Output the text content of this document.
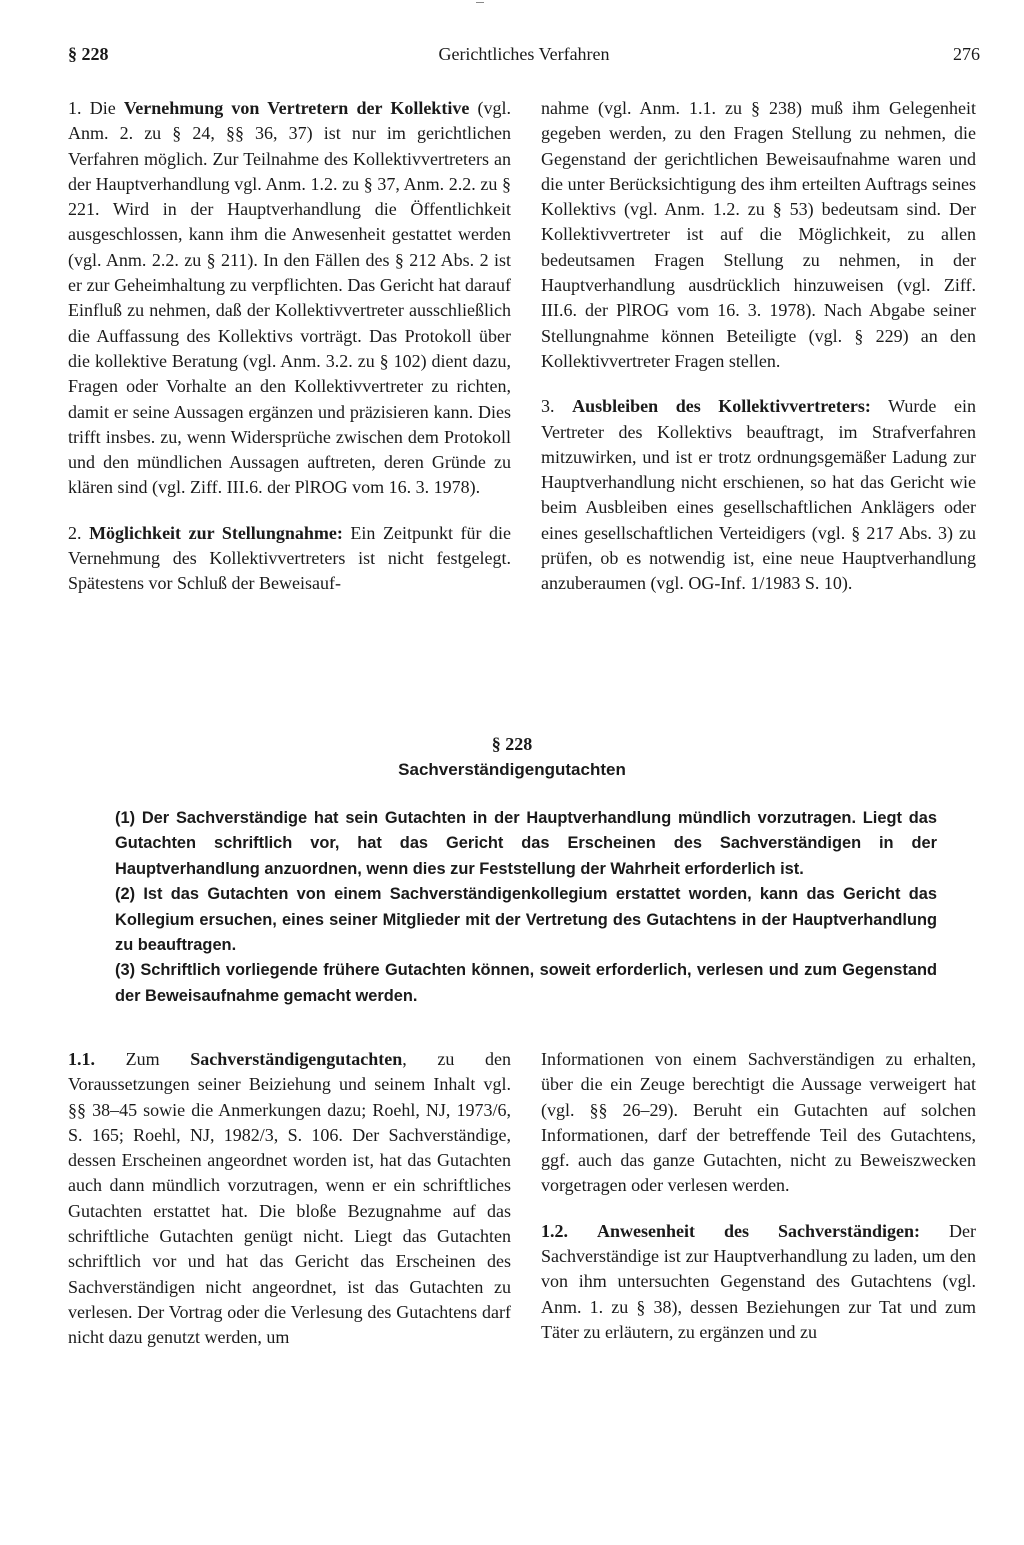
§ 228	Gerichtliches Verfahren	276

1. Die Vernehmung von Vertretern der Kollektive (vgl. Anm. 2. zu § 24, §§ 36, 37) ist nur im gerichtlichen Verfahren möglich. Zur Teilnahme des Kollektivvertreters an der Hauptverhandlung vgl. Anm. 1.2. zu § 37, Anm. 2.2. zu § 221. Wird in der Hauptverhandlung die Öffentlichkeit ausgeschlossen, kann ihm die Anwesenheit gestattet werden (vgl. Anm. 2.2. zu § 211). In den Fällen des § 212 Abs. 2 ist er zur Geheimhaltung zu verpflichten. Das Gericht hat darauf Einfluß zu nehmen, daß der Kollektivvertreter ausschließlich die Auffassung des Kollektivs vorträgt. Das Protokoll über die kollektive Beratung (vgl. Anm. 3.2. zu § 102) dient dazu, Fragen oder Vorhalte an den Kollektivvertreter zu richten, damit er seine Aussagen ergänzen und präzisieren kann. Dies trifft insbes. zu, wenn Widersprüche zwischen dem Protokoll und den mündlichen Aussagen auftreten, deren Gründe zu klären sind (vgl. Ziff. III.6. der PlROG vom 16. 3. 1978).

2. Möglichkeit zur Stellungnahme: Ein Zeitpunkt für die Vernehmung des Kollektivvertreters ist nicht festgelegt. Spätestens vor Schluß der Beweisauf-

nahme (vgl. Anm. 1.1. zu § 238) muß ihm Gelegenheit gegeben werden, zu den Fragen Stellung zu nehmen, die Gegenstand der gerichtlichen Beweisaufnahme waren und die unter Berücksichtigung des ihm erteilten Auftrags seines Kollektivs (vgl. Anm. 1.2. zu § 53) bedeutsam sind. Der Kollektivvertreter ist auf die Möglichkeit, zu allen bedeutsamen Fragen Stellung zu nehmen, in der Hauptverhandlung ausdrücklich hinzuweisen (vgl. Ziff. III.6. der PlROG vom 16. 3. 1978). Nach Abgabe seiner Stellungnahme können Beteiligte (vgl. § 229) an den Kollektivvertreter Fragen stellen.

3. Ausbleiben des Kollektivvertreters: Wurde ein Vertreter des Kollektivs beauftragt, im Strafverfahren mitzuwirken, und ist er trotz ordnungsgemäßer Ladung zur Hauptverhandlung nicht erschienen, so hat das Gericht wie beim Ausbleiben eines gesellschaftlichen Anklägers oder eines gesellschaftlichen Verteidigers (vgl. § 217 Abs. 3) zu prüfen, ob es notwendig ist, eine neue Hauptverhandlung anzuberaumen (vgl. OG-Inf. 1/1983 S. 10).

§ 228
Sachverständigengutachten

(1) Der Sachverständige hat sein Gutachten in der Hauptverhandlung mündlich vorzutragen. Liegt das Gutachten schriftlich vor, hat das Gericht das Erscheinen des Sachverständigen in der Hauptverhandlung anzuordnen, wenn dies zur Feststellung der Wahrheit erforderlich ist.

(2) Ist das Gutachten von einem Sachverständigenkollegium erstattet worden, kann das Gericht das Kollegium ersuchen, eines seiner Mitglieder mit der Vertretung des Gutachtens in der Hauptverhandlung zu beauftragen.

(3) Schriftlich vorliegende frühere Gutachten können, soweit erforderlich, verlesen und zum Gegenstand der Beweisaufnahme gemacht werden.

1.1. Zum Sachverständigengutachten, zu den Voraussetzungen seiner Beiziehung und seinem Inhalt vgl. §§ 38–45 sowie die Anmerkungen dazu; Roehl, NJ, 1973/6, S. 165; Roehl, NJ, 1982/3, S. 106. Der Sachverständige, dessen Erscheinen angeordnet worden ist, hat das Gutachten auch dann mündlich vorzutragen, wenn er ein schriftliches Gutachten erstattet hat. Die bloße Bezugnahme auf das schriftliche Gutachten genügt nicht. Liegt das Gutachten schriftlich vor und hat das Gericht das Erscheinen des Sachverständigen nicht angeordnet, ist das Gutachten zu verlesen. Der Vortrag oder die Verlesung des Gutachtens darf nicht dazu genutzt werden, um

Informationen von einem Sachverständigen zu erhalten, über die ein Zeuge berechtigt die Aussage verweigert hat (vgl. §§ 26–29). Beruht ein Gutachten auf solchen Informationen, darf der betreffende Teil des Gutachtens, ggf. auch das ganze Gutachten, nicht zu Beweiszwecken vorgetragen oder verlesen werden.

1.2. Anwesenheit des Sachverständigen: Der Sachverständige ist zur Hauptverhandlung zu laden, um den von ihm untersuchten Gegenstand des Gutachtens (vgl. Anm. 1. zu § 38), dessen Beziehungen zur Tat und zum Täter zu erläutern, zu ergänzen und zu
